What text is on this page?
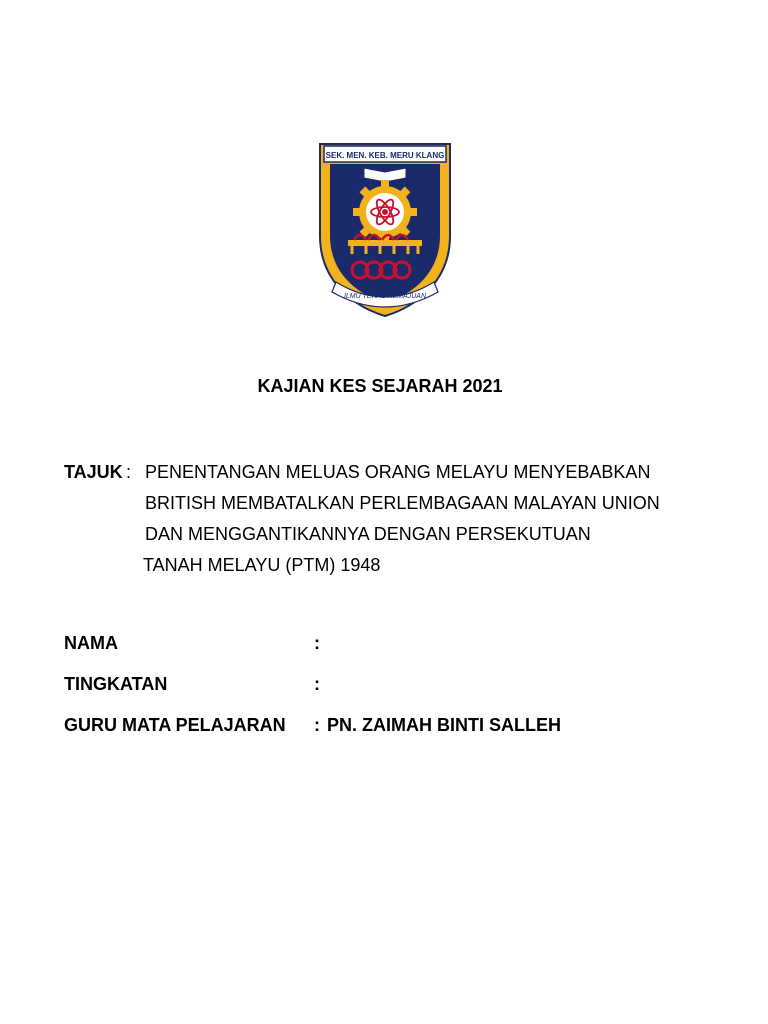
SEK. MEN. KEB. MERU KLANG
ILMU TERAS KEMAJUAN
KAJIAN KES SEJARAH 2021
TAJUK : PENENTANGAN MELUAS ORANG MELAYU MENYEBABKAN
BRITISH MEMBATALKAN PERLEMBAGAAN MALAYAN UNION
DAN MENGGANTIKANNYA DENGAN PERSEKUTUAN
TANAH MELAYU (PTM) 1948
NAMA	:
TINGKATAN	:
GURU MATA PELAJARAN : PN. ZAIMAH BINTI SALLEH
